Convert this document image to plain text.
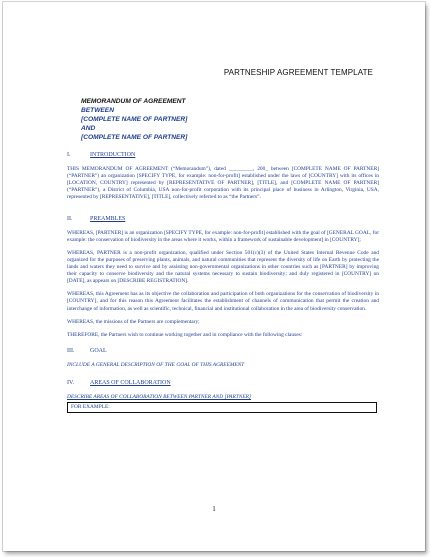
PARTNESHIP AGREEMENT TEMPLATE
MEMORANDUM OF AGREEMENT
BETWEEN
[COMPLETE NAME OF PARTNER]
AND
[COMPLETE NAME OF PARTNER]
I.	INTRODUCTION
THIS MEMORANDUM OF AGREEMENT (“Memorandum”), dated _________, 200_ between [COMPLETE NAME OF PARTNER] (“PARTNER”) an organization [SPECIFY TYPE, for example: non-for-profit] established under the laws of [COUNTRY] with its offices in [LOCATION, COUNTRY] represented by [REPRESENTATIVE OF PARTNER], [TITLE], and [COMPLETE NAME OF PARTNER] (“PARTNER”), a District of Columbia, USA non-for-profit corporation with its principal place of business in Arlington, Virginia, USA, represented by [REPRESENTATIVE], [TITLE], collectively referred to as “the Partners”.
II.	PREAMBLES
WHEREAS, [PARTNER] is an organization [SPECIFY TYPE, for example: non-for-profit] established with the goal of [GENERAL GOAL, for example: the conservation of biodiversity in the areas where it works, within a framework of sustainable development] in [COUNTRY];
WHEREAS, PARTNER is a non-profit organization, qualified under Section 501(c)(3) of the United States Internal Revenue Code and organized for the purposes of preserving plants, animals, and natural communities that represent the diversity of life on Earth by protecting the lands and waters they need to survive and by assisting non-governmental organizations in other countries such as [PARTNER] by improving their capacity to conserve biodiversity and the natural systems necessary to sustain biodiversity; and duly registered in [COUNTRY] on [DATE], as appears on [DESCRIBE REGISTRATION].
WHEREAS, this Agreement has as its objective the collaboration and participation of both organizations for the conservation of biodiversity in [COUNTRY], and for this reason this Agreement facilitates the establishment of channels of communication that permit the creation and interchange of information, as well as scientific, technical, financial and institutional collaboration in the area of biodiversity conservation.
WHEREAS, the missions of the Partners are complementary;
THEREFORE, the Partners wish to continue working together and in compliance with the following clauses:
III.	GOAL
INCLUDE A GENERAL DESCRIPTION OF THE GOAL OF THIS AGREEMENT
IV.	AREAS OF COLLABORATION
DESCRIBE AREAS OF COLLABORATION BETWEEN PARTNER AND [PARTNER]
FOR EXAMPLE:
1
